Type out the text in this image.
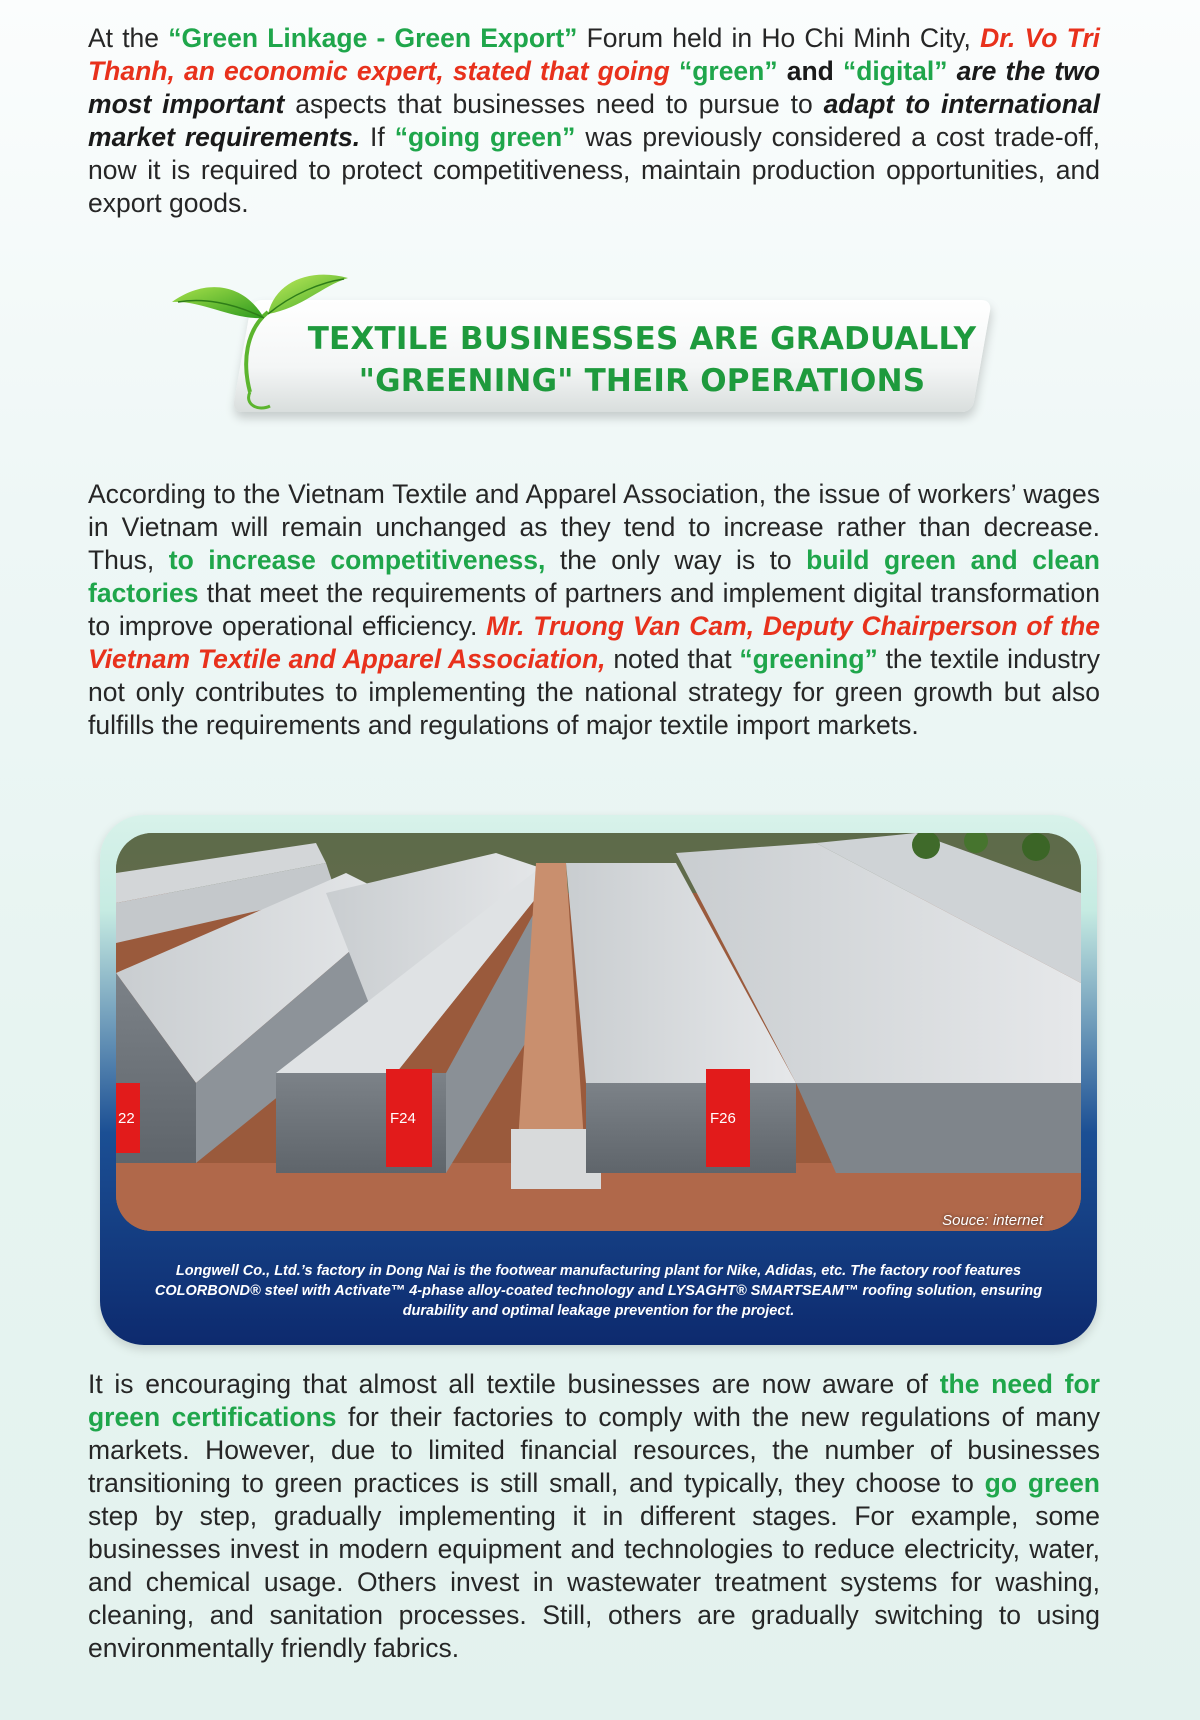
At the “Green Linkage - Green Export” Forum held in Ho Chi Minh City, Dr. Vo Tri Thanh, an economic expert, stated that going “green” and “digital” are the two most important aspects that businesses need to pursue to adapt to international market requirements. If “going green” was previously considered a cost trade-off, now it is required to protect competitiveness, maintain production opportunities, and export goods.

TEXTILE BUSINESSES ARE GRADUALLY
"GREENING" THEIR OPERATIONS

According to the Vietnam Textile and Apparel Association, the issue of workers’ wages in Vietnam will remain unchanged as they tend to increase rather than decrease. Thus, to increase competitiveness, the only way is to build green and clean factories that meet the requirements of partners and implement digital transformation to improve operational efficiency. Mr. Truong Van Cam, Deputy Chairperson of the Vietnam Textile and Apparel Association, noted that “greening” the textile industry not only contributes to implementing the national strategy for green growth but also fulfills the requirements and regulations of major textile import markets.

22	F24	F26
Souce: internet

Longwell Co., Ltd.’s factory in Dong Nai is the footwear manufacturing plant for Nike, Adidas, etc. The factory roof features COLORBOND® steel with Activate™ 4-phase alloy-coated technology and LYSAGHT® SMARTSEAM™ roofing solution, ensuring durability and optimal leakage prevention for the project.

It is encouraging that almost all textile businesses are now aware of the need for green certifications for their factories to comply with the new regulations of many markets. However, due to limited financial resources, the number of businesses transitioning to green practices is still small, and typically, they choose to go green step by step, gradually implementing it in different stages. For example, some businesses invest in modern equipment and technologies to reduce electricity, water, and chemical usage. Others invest in wastewater treatment systems for washing, cleaning, and sanitation processes. Still, others are gradually switching to using environmentally friendly fabrics.
